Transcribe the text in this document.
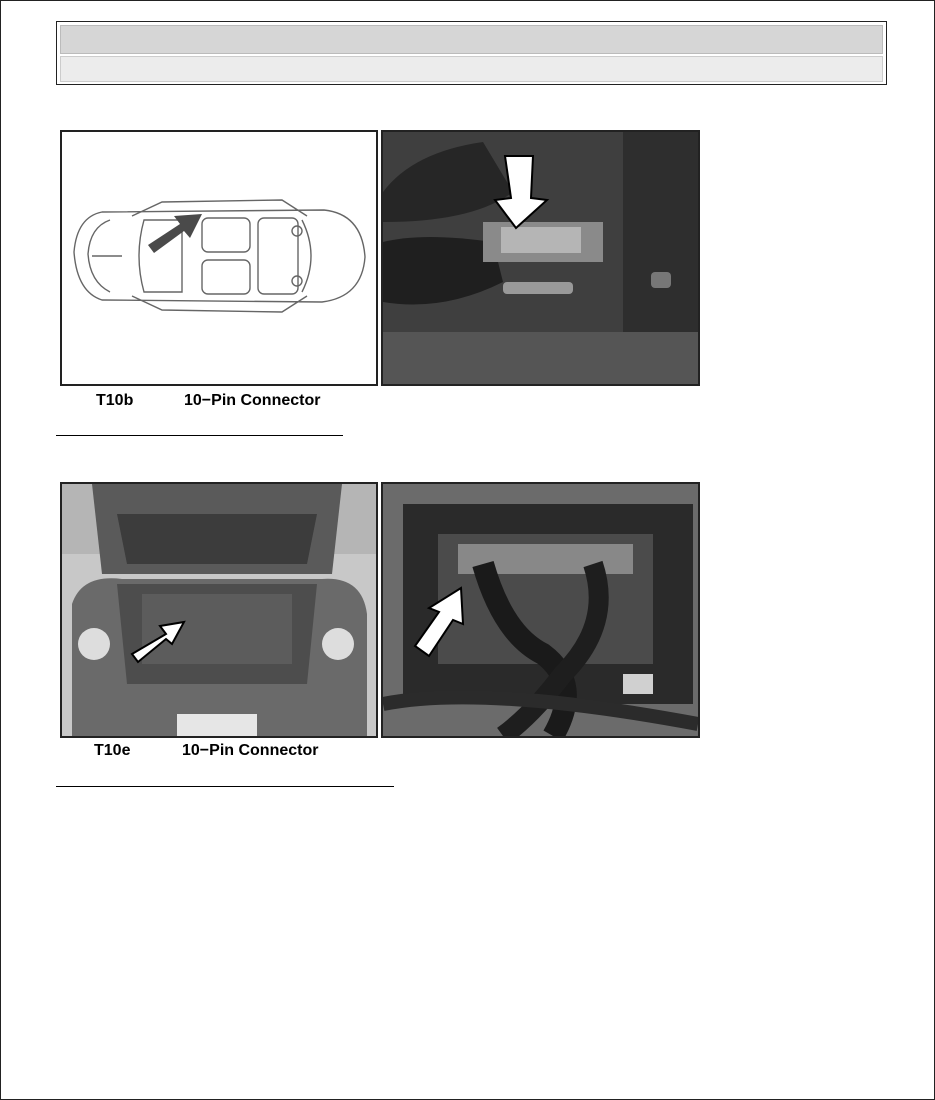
T10b	10−Pin Connector
T10e	10−Pin Connector
